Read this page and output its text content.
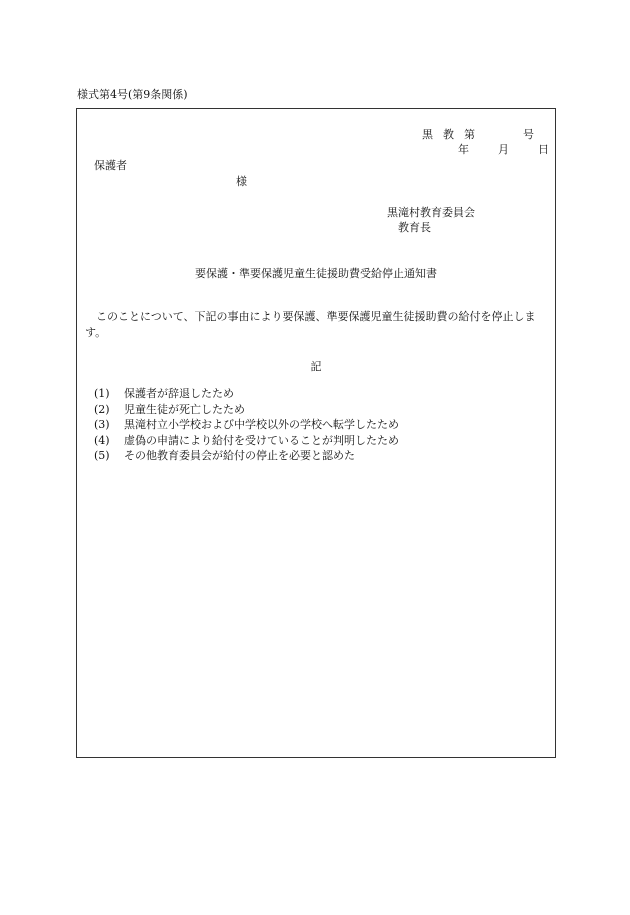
様式第4号(第9条関係)
黒 教 第	号
年	月	日
保護者
様
黒滝村教育委員会
教育長
要保護・準要保護児童生徒援助費受給停止通知書
このことについて、下記の事由により要保護、準要保護児童生徒援助費の給付を停止します。
記
(1) 保護者が辞退したため
(2) 児童生徒が死亡したため
(3) 黒滝村立小学校および中学校以外の学校へ転学したため
(4) 虚偽の申請により給付を受けていることが判明したため
(5) その他教育委員会が給付の停止を必要と認めた
